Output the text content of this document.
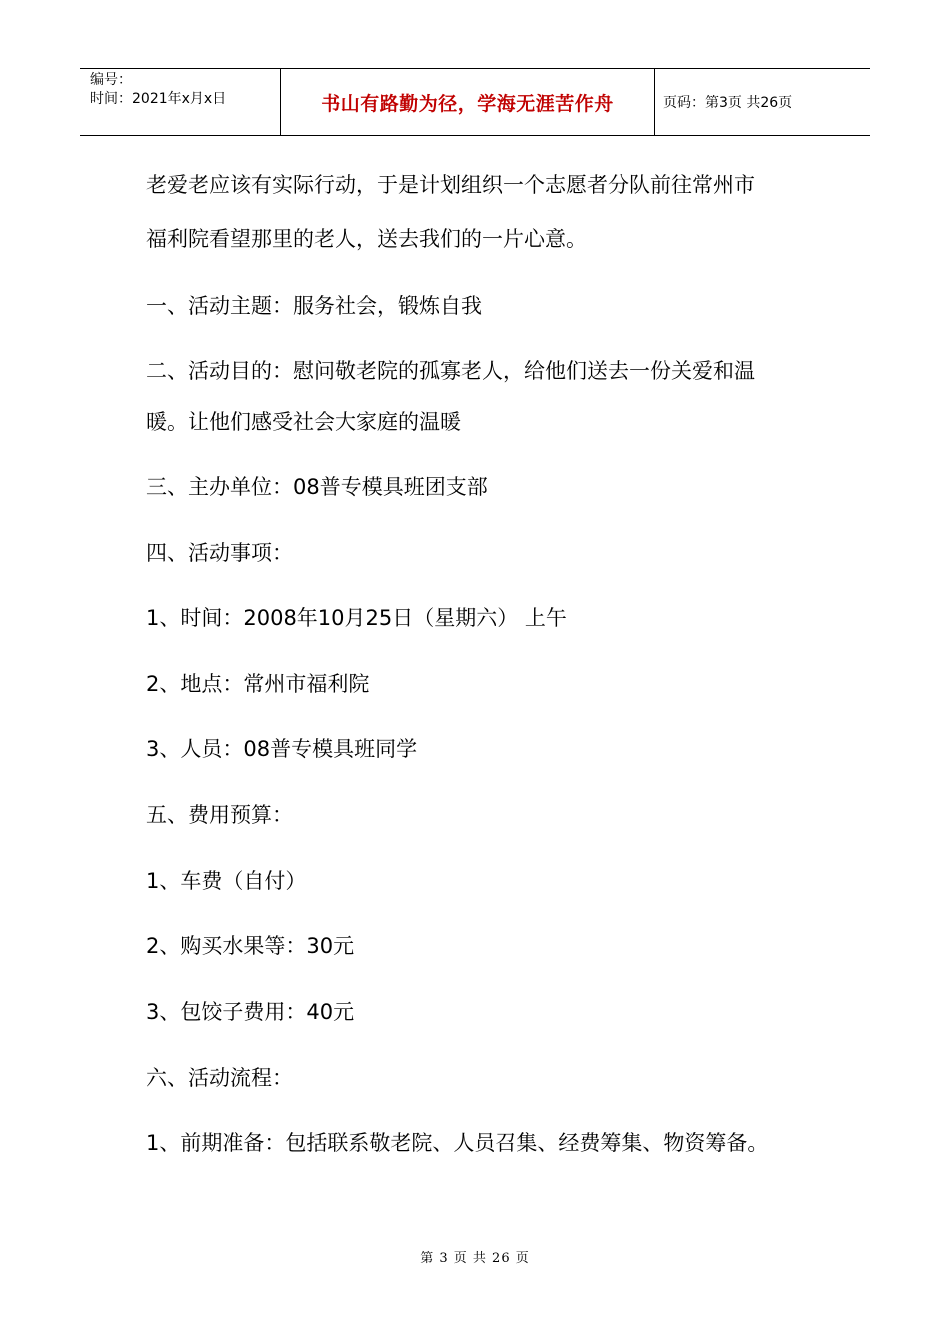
编号：
时间：2021年x月x日	书山有路勤为径，学海无涯苦作舟	页码：第3页 共26页
老爱老应该有实际行动，于是计划组织一个志愿者分队前往常州市
福利院看望那里的老人，送去我们的一片心意。
一、活动主题：服务社会，锻炼自我
二、活动目的：慰问敬老院的孤寡老人，给他们送去一份关爱和温
暖。让他们感受社会大家庭的温暖
三、主办单位：08普专模具班团支部
四、活动事项：
1、时间：2008年10月25日（星期六） 上午
2、地点：常州市福利院
3、人员：08普专模具班同学
五、费用预算：
1、车费（自付）
2、购买水果等：30元
3、包饺子费用：40元
六、活动流程：
1、前期准备：包括联系敬老院、人员召集、经费筹集、物资筹备。
第 3 页 共 26 页
